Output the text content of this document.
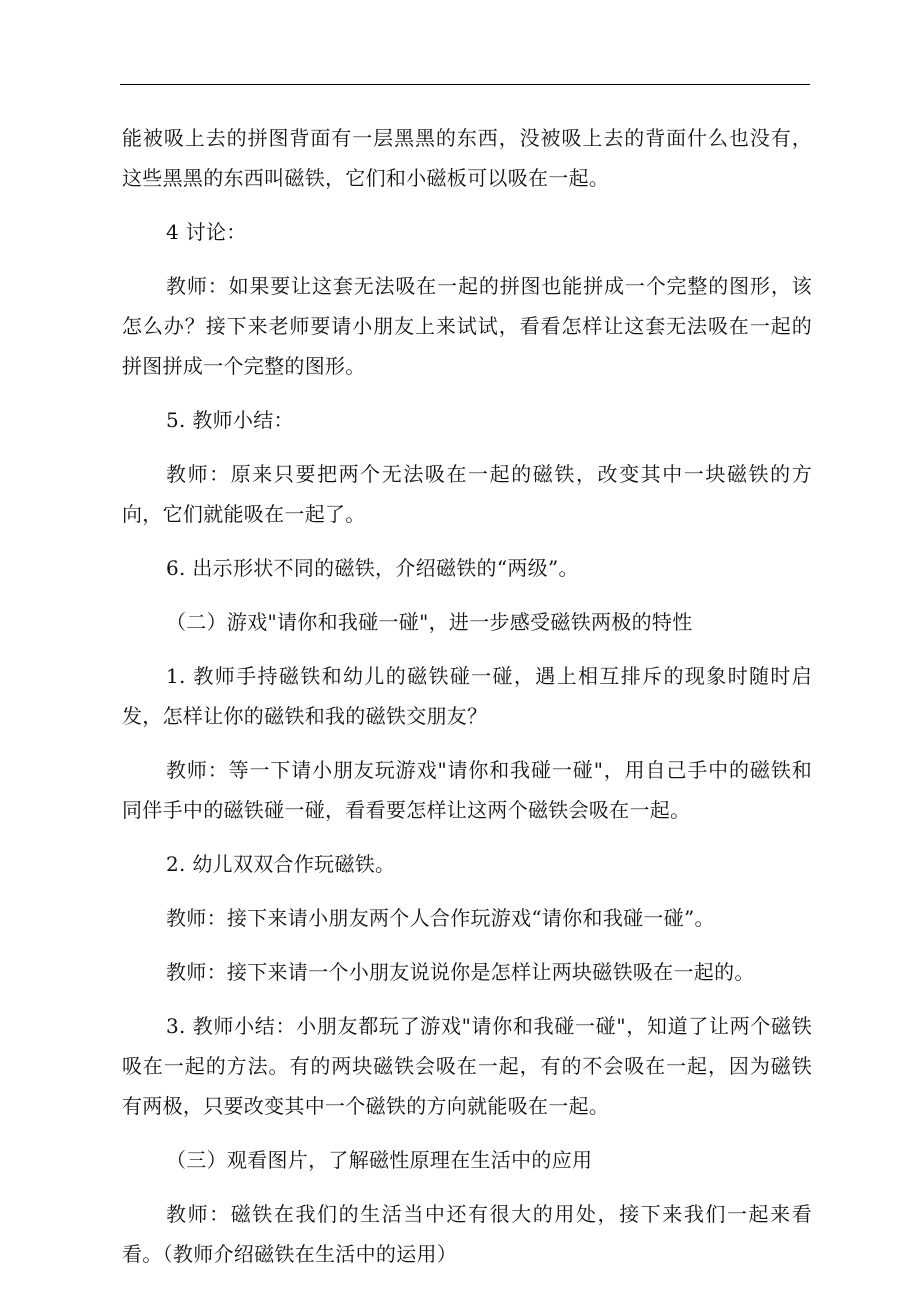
能被吸上去的拼图背面有一层黑黑的东西，没被吸上去的背面什么也没有，这些黑黑的东西叫磁铁，它们和小磁板可以吸在一起。

4 讨论：

教师：如果要让这套无法吸在一起的拼图也能拼成一个完整的图形，该怎么办？接下来老师要请小朋友上来试试，看看怎样让这套无法吸在一起的拼图拼成一个完整的图形。

5. 教师小结：

教师：原来只要把两个无法吸在一起的磁铁，改变其中一块磁铁的方向，它们就能吸在一起了。

6. 出示形状不同的磁铁，介绍磁铁的“两级”。

（二）游戏"请你和我碰一碰"，进一步感受磁铁两极的特性

1. 教师手持磁铁和幼儿的磁铁碰一碰，遇上相互排斥的现象时随时启发，怎样让你的磁铁和我的磁铁交朋友？

教师：等一下请小朋友玩游戏"请你和我碰一碰"，用自己手中的磁铁和同伴手中的磁铁碰一碰，看看要怎样让这两个磁铁会吸在一起。

2. 幼儿双双合作玩磁铁。

教师：接下来请小朋友两个人合作玩游戏“请你和我碰一碰”。

教师：接下来请一个小朋友说说你是怎样让两块磁铁吸在一起的。

3. 教师小结：小朋友都玩了游戏"请你和我碰一碰"，知道了让两个磁铁吸在一起的方法。有的两块磁铁会吸在一起，有的不会吸在一起，因为磁铁有两极，只要改变其中一个磁铁的方向就能吸在一起。

（三）观看图片，了解磁性原理在生活中的应用

教师：磁铁在我们的生活当中还有很大的用处，接下来我们一起来看看。（教师介绍磁铁在生活中的运用）
